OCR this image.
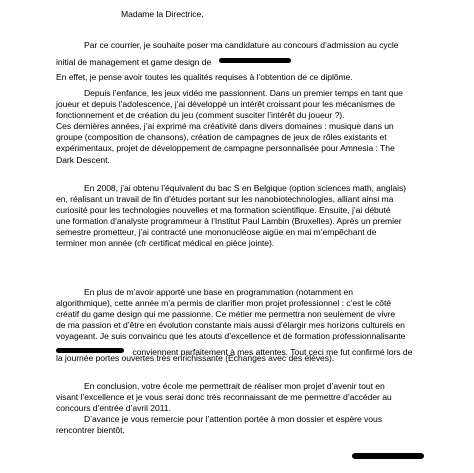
Madame la Directrice,
Par ce courrier, je souhaite poser ma candidature au concours d’admission au cycle
initial de management et game design de
En effet, je pense avoir toutes les qualités requises à l’obtention de ce diplôme.
Depuis l’enfance, les jeux vidéo me passionnent. Dans un premier temps en tant que
joueur et depuis l’adolescence, j’ai développé un intérêt croissant pour les mécanismes de
fonctionnement et de création du jeu (comment susciter l’intérêt du joueur ?).
Ces dernières années, j’ai exprimé ma créativité dans divers domaines : musique dans un
groupe (composition de chansons), création de campagnes de jeux de rôles existants et
expérimentaux, projet de développement de campagne personnalisée pour Amnesia : The
Dark Descent.
En 2008, j’ai obtenu l’équivalent du bac S en Belgique (option sciences math, anglais)
en, réalisant un travail de fin d’études portant sur les nanobiotechnologies, alliant ainsi ma
curiosité pour les technologies nouvelles et ma formation scientifique. Ensuite, j’ai débuté
une formation d’analyste programmeur à l’Institut Paul Lambin (Bruxelles). Après un premier
semestre prometteur, j’ai contracté une mononucléose aigüe en mai m’empêchant de
terminer mon année (cfr certificat médical en pièce jointe).
En plus de m’avoir apporté une base en programmation (notamment en
algorithmique), cette année m’a permis de clarifier mon projet professionnel : c’est le côté
créatif du game design qui me passionne. Ce métier me permettra non seulement de vivre
de ma passion et d’être en évolution constante mais aussi d’élargir mes horizons culturels en
voyageant. Je suis convaincu que les atouts d’excellence et de formation professionnalisante
conviennent parfaitement à mes attentes. Tout ceci me fut confirmé lors de
la journée portes ouvertes très enrichissante (Echanges avec des élèves).
En conclusion, votre école me permettrait de réaliser mon projet d’avenir tout en
visant l’excellence et je vous serai donc très reconnaissant de me permettre d’accéder au
concours d’entrée d’avril 2011.
D’avance je vous remercie pour l’attention portée à mon dossier et espère vous
rencontrer bientôt,
